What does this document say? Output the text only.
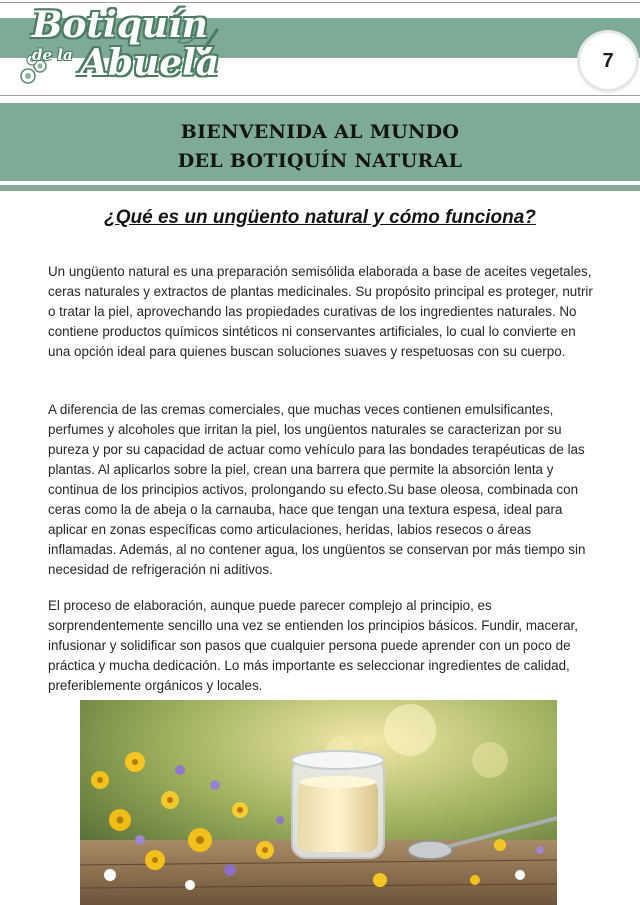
Botiquín
de la Abuela	7
BIENVENIDA AL MUNDO
DEL BOTIQUÍN NATURAL
¿Qué es un ungüento natural y cómo funciona?

Un ungüento natural es una preparación semisólida elaborada a base de aceites vegetales, ceras naturales y extractos de plantas medicinales. Su propósito principal es proteger, nutrir o tratar la piel, aprovechando las propiedades curativas de los ingredientes naturales. No contiene productos químicos sintéticos ni conservantes artificiales, lo cual lo convierte en una opción ideal para quienes buscan soluciones suaves y respetuosas con su cuerpo.

A diferencia de las cremas comerciales, que muchas veces contienen emulsificantes, perfumes y alcoholes que irritan la piel, los ungüentos naturales se caracterizan por su pureza y por su capacidad de actuar como vehículo para las bondades terapéuticas de las plantas. Al aplicarlos sobre la piel, crean una barrera que permite la absorción lenta y continua de los principios activos, prolongando su efecto.Su base oleosa, combinada con ceras como la de abeja o la carnauba, hace que tengan una textura espesa, ideal para aplicar en zonas específicas como articulaciones, heridas, labios resecos o áreas inflamadas. Además, al no contener agua, los ungüentos se conservan por más tiempo sin necesidad de refrigeración ni aditivos.

El proceso de elaboración, aunque puede parecer complejo al principio, es sorprendentemente sencillo una vez se entienden los principios básicos. Fundir, macerar, infusionar y solidificar son pasos que cualquier persona puede aprender con un poco de práctica y mucha dedicación. Lo más importante es seleccionar ingredientes de calidad, preferiblemente orgánicos y locales.
